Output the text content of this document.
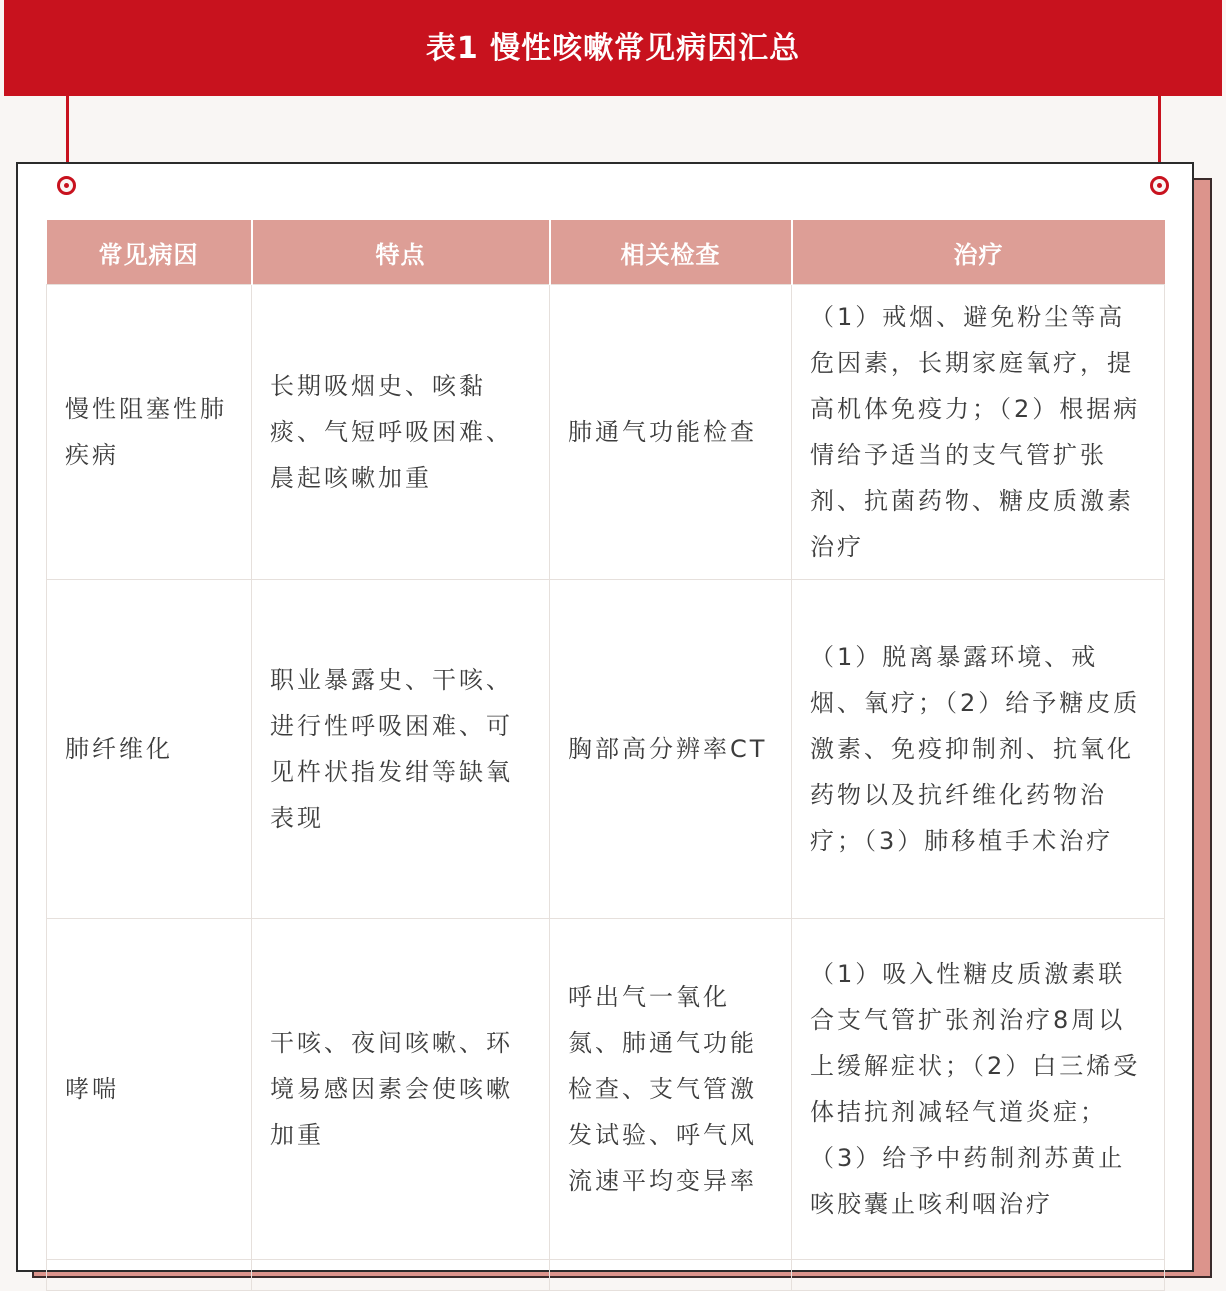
表1 慢性咳嗽常见病因汇总
常见病因	特点	相关检查	治疗
慢性阻塞性肺疾病	长期吸烟史、咳黏痰、气短呼吸困难、晨起咳嗽加重	肺通气功能检查	（1）戒烟、避免粉尘等高危因素，长期家庭氧疗，提高机体免疫力；（2）根据病情给予适当的支气管扩张剂、抗菌药物、糖皮质激素治疗
肺纤维化	职业暴露史、干咳、进行性呼吸困难、可见杵状指发绀等缺氧表现	胸部高分辨率CT	（1）脱离暴露环境、戒烟、氧疗；（2）给予糖皮质激素、免疫抑制剂、抗氧化药物以及抗纤维化药物治疗；（3）肺移植手术治疗
哮喘	干咳、夜间咳嗽、环境易感因素会使咳嗽加重	呼出气一氧化氮、肺通气功能检查、支气管激发试验、呼气风流速平均变异率	（1）吸入性糖皮质激素联合支气管扩张剂治疗8周以上缓解症状；（2）白三烯受体拮抗剂减轻气道炎症；（3）给予中药制剂苏黄止咳胶囊止咳利咽治疗
